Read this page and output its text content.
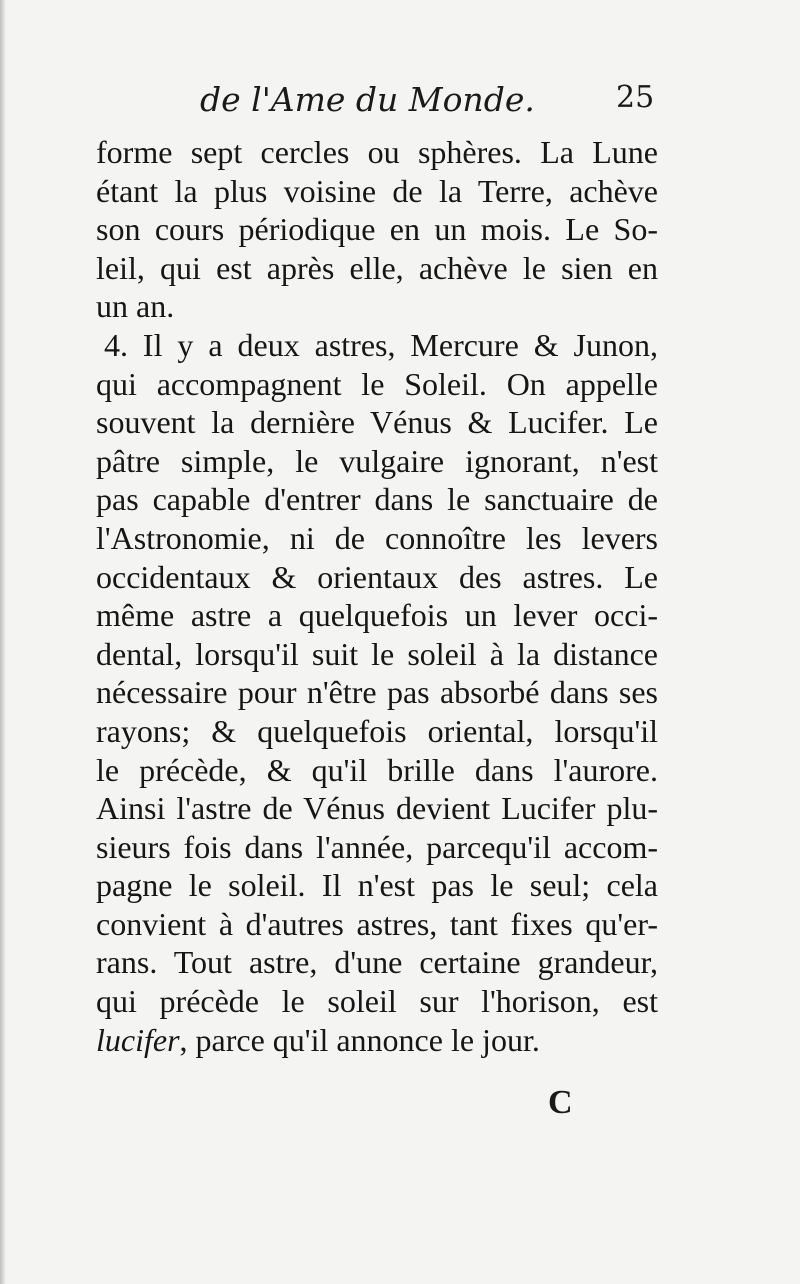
de l'Ame du Monde.	25
forme sept cercles ou sphères. La Lune
étant la plus voisine de la Terre, achève
son cours périodique en un mois. Le So-
leil, qui est après elle, achève le sien en
un an.
4. Il y a deux astres, Mercure & Junon,
qui accompagnent le Soleil. On appelle
souvent la dernière Vénus & Lucifer. Le
pâtre simple, le vulgaire ignorant, n'est
pas capable d'entrer dans le sanctuaire de
l'Astronomie, ni de connoître les levers
occidentaux & orientaux des astres. Le
même astre a quelquefois un lever occi-
dental, lorsqu'il suit le soleil à la distance
nécessaire pour n'être pas absorbé dans ses
rayons; & quelquefois oriental, lorsqu'il
le précède, & qu'il brille dans l'aurore.
Ainsi l'astre de Vénus devient Lucifer plu-
sieurs fois dans l'année, parcequ'il accom-
pagne le soleil. Il n'est pas le seul; cela
convient à d'autres astres, tant fixes qu'er-
rans. Tout astre, d'une certaine grandeur,
qui précède le soleil sur l'horison, est
lucifer, parce qu'il annonce le jour.
C
